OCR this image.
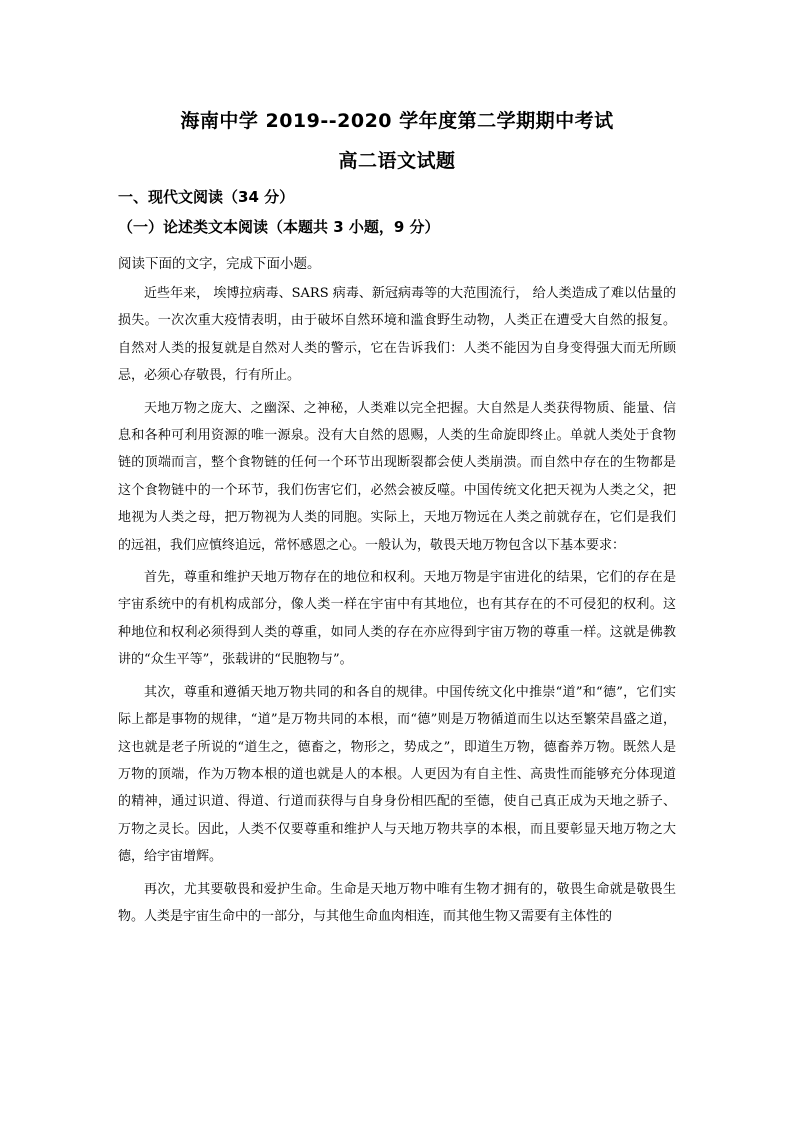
海南中学 2019--2020 学年度第二学期期中考试
高二语文试题
一、现代文阅读（34 分）
（一）论述类文本阅读（本题共 3 小题，9 分）
阅读下面的文字，完成下面小题。

近些年来， 埃博拉病毒、SARS 病毒、新冠病毒等的大范围流行， 给人类造成了难以估量的损失。一次次重大疫情表明，由于破坏自然环境和滥食野生动物，人类正在遭受大自然的报复。自然对人类的报复就是自然对人类的警示，它在告诉我们：人类不能因为自身变得强大而无所顾忌，必须心存敬畏，行有所止。

天地万物之庞大、之幽深、之神秘，人类难以完全把握。大自然是人类获得物质、能量、信息和各种可利用资源的唯一源泉。没有大自然的恩赐，人类的生命旋即终止。单就人类处于食物链的顶端而言，整个食物链的任何一个环节出现断裂都会使人类崩溃。而自然中存在的生物都是这个食物链中的一个环节，我们伤害它们，必然会被反噬。中国传统文化把天视为人类之父，把地视为人类之母，把万物视为人类的同胞。实际上，天地万物远在人类之前就存在，它们是我们的远祖，我们应慎终追远，常怀感恩之心。一般认为，敬畏天地万物包含以下基本要求：

首先，尊重和维护天地万物存在的地位和权利。天地万物是宇宙进化的结果，它们的存在是宇宙系统中的有机构成部分，像人类一样在宇宙中有其地位，也有其存在的不可侵犯的权利。这种地位和权利必须得到人类的尊重，如同人类的存在亦应得到宇宙万物的尊重一样。这就是佛教讲的“众生平等”，张载讲的“民胞物与”。

其次，尊重和遵循天地万物共同的和各自的规律。中国传统文化中推崇“道”和“德”，它们实际上都是事物的规律，“道”是万物共同的本根，而“德”则是万物循道而生以达至繁荣昌盛之道，这也就是老子所说的“道生之，德畜之，物形之，势成之”，即道生万物，德畜养万物。既然人是万物的顶端，作为万物本根的道也就是人的本根。人更因为有自主性、高贵性而能够充分体现道的精神，通过识道、得道、行道而获得与自身身份相匹配的至德，使自己真正成为天地之骄子、万物之灵长。因此，人类不仅要尊重和维护人与天地万物共享的本根，而且要彰显天地万物之大德，给宇宙增辉。

再次，尤其要敬畏和爱护生命。生命是天地万物中唯有生物才拥有的，敬畏生命就是敬畏生物。人类是宇宙生命中的一部分，与其他生命血肉相连，而其他生物又需要有主体性的
